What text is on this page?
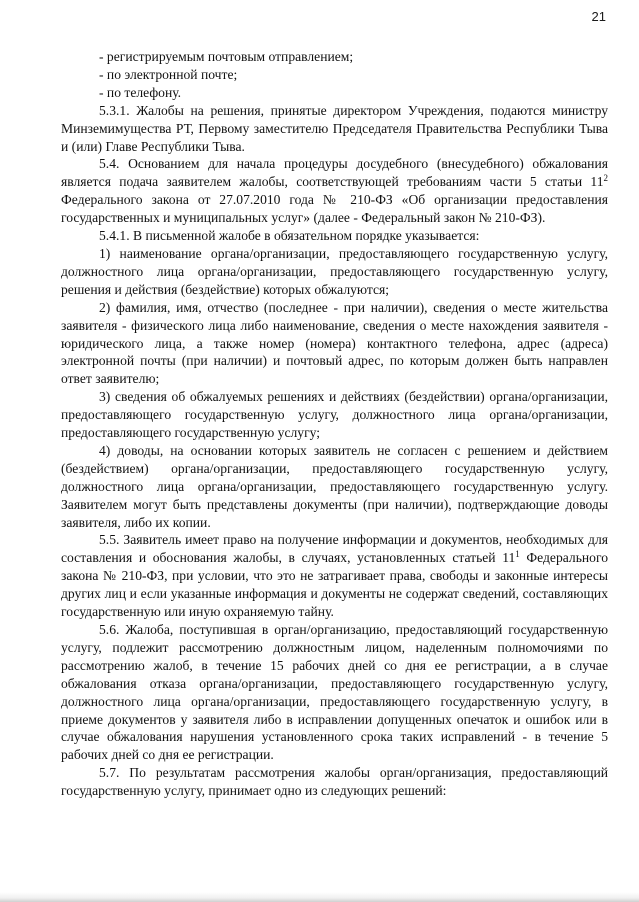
21

- регистрируемым почтовым отправлением;

- по электронной почте;

- по телефону.

5.3.1. Жалобы на решения, принятые директором Учреждения, подаются министру Минземимущества РТ, Первому заместителю Председателя Правительства Республики Тыва и (или) Главе Республики Тыва.

5.4. Основанием для начала процедуры досудебного (внесудебного) обжалования является подача заявителем жалобы, соответствующей требованиям части 5 статьи $11^2$ Федерального закона от 27.07.2010 года № 210-ФЗ «Об организации предоставления государственных и муниципальных услуг» (далее - Федеральный закон № 210-ФЗ).

5.4.1. В письменной жалобе в обязательном порядке указывается:

1) наименование органа/организации, предоставляющего государственную услугу, должностного лица органа/организации, предоставляющего государственную услугу, решения и действия (бездействие) которых обжалуются;

2) фамилия, имя, отчество (последнее - при наличии), сведения о месте жительства заявителя - физического лица либо наименование, сведения о месте нахождения заявителя - юридического лица, а также номер (номера) контактного телефона, адрес (адреса) электронной почты (при наличии) и почтовый адрес, по которым должен быть направлен ответ заявителю;

3) сведения об обжалуемых решениях и действиях (бездействии) органа/организации, предоставляющего государственную услугу, должностного лица органа/организации, предоставляющего государственную услугу;

4) доводы, на основании которых заявитель не согласен с решением и действием (бездействием) органа/организации, предоставляющего государственную услугу, должностного лица органа/организации, предоставляющего государственную услугу. Заявителем могут быть представлены документы (при наличии), подтверждающие доводы заявителя, либо их копии.

5.5. Заявитель имеет право на получение информации и документов, необходимых для составления и обоснования жалобы, в случаях, установленных статьей $11^1$ Федерального закона № 210-ФЗ, при условии, что это не затрагивает права, свободы и законные интересы других лиц и если указанные информация и документы не содержат сведений, составляющих государственную или иную охраняемую тайну.

5.6. Жалоба, поступившая в орган/организацию, предоставляющий государственную услугу, подлежит рассмотрению должностным лицом, наделенным полномочиями по рассмотрению жалоб, в течение 15 рабочих дней со дня ее регистрации, а в случае обжалования отказа органа/организации, предоставляющего государственную услугу, должностного лица органа/организации, предоставляющего государственную услугу, в приеме документов у заявителя либо в исправлении допущенных опечаток и ошибок или в случае обжалования нарушения установленного срока таких исправлений - в течение 5 рабочих дней со дня ее регистрации.

5.7. По результатам рассмотрения жалобы орган/организация, предоставляющий государственную услугу, принимает одно из следующих решений:
